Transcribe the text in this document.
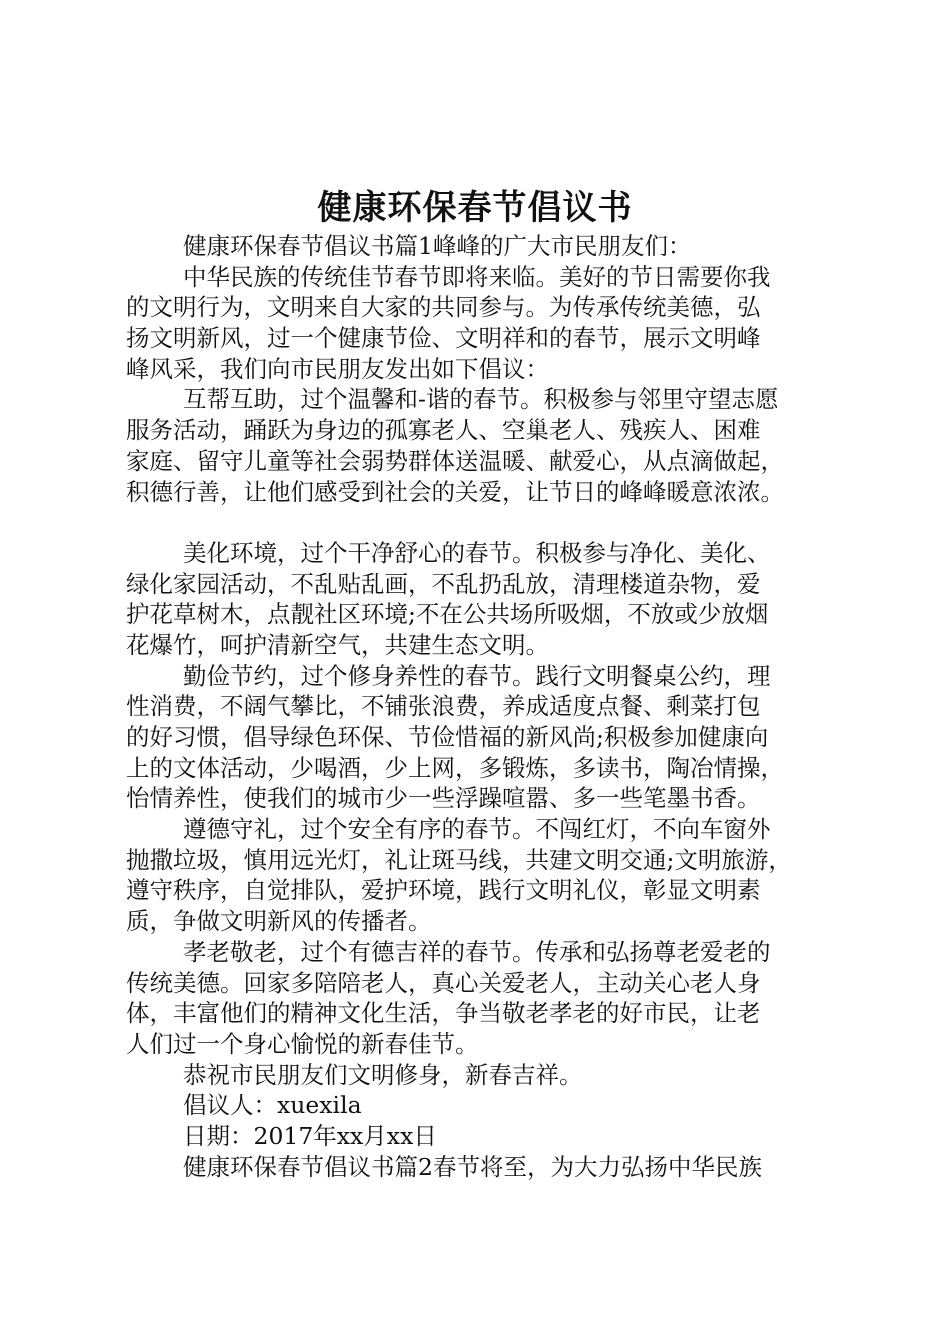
健康环保春节倡议书
健康环保春节倡议书篇1峰峰的广大市民朋友们：
中华民族的传统佳节春节即将来临。美好的节日需要你我
的文明行为，文明来自大家的共同参与。为传承传统美德，弘
扬文明新风，过一个健康节俭、文明祥和的春节，展示文明峰
峰风采，我们向市民朋友发出如下倡议：
互帮互助，过个温馨和-谐的春节。积极参与邻里守望志愿
服务活动，踊跃为身边的孤寡老人、空巢老人、残疾人、困难
家庭、留守儿童等社会弱势群体送温暖、献爱心，从点滴做起，
积德行善，让他们感受到社会的关爱，让节日的峰峰暖意浓浓。
美化环境，过个干净舒心的春节。积极参与净化、美化、
绿化家园活动，不乱贴乱画，不乱扔乱放，清理楼道杂物，爱
护花草树木，点靓社区环境;不在公共场所吸烟，不放或少放烟
花爆竹，呵护清新空气，共建生态文明。
勤俭节约，过个修身养性的春节。践行文明餐桌公约，理
性消费，不阔气攀比，不铺张浪费，养成适度点餐、剩菜打包
的好习惯，倡导绿色环保、节俭惜福的新风尚;积极参加健康向
上的文体活动，少喝酒，少上网，多锻炼，多读书，陶冶情操，
怡情养性，使我们的城市少一些浮躁喧嚣、多一些笔墨书香。
遵德守礼，过个安全有序的春节。不闯红灯，不向车窗外
抛撒垃圾，慎用远光灯，礼让斑马线，共建文明交通;文明旅游，
遵守秩序，自觉排队，爱护环境，践行文明礼仪，彰显文明素
质，争做文明新风的传播者。
孝老敬老，过个有德吉祥的春节。传承和弘扬尊老爱老的
传统美德。回家多陪陪老人，真心关爱老人，主动关心老人身
体，丰富他们的精神文化生活，争当敬老孝老的好市民，让老
人们过一个身心愉悦的新春佳节。
恭祝市民朋友们文明修身，新春吉祥。
倡议人：xuexila
日期：2017年xx月xx日
健康环保春节倡议书篇2春节将至，为大力弘扬中华民族
